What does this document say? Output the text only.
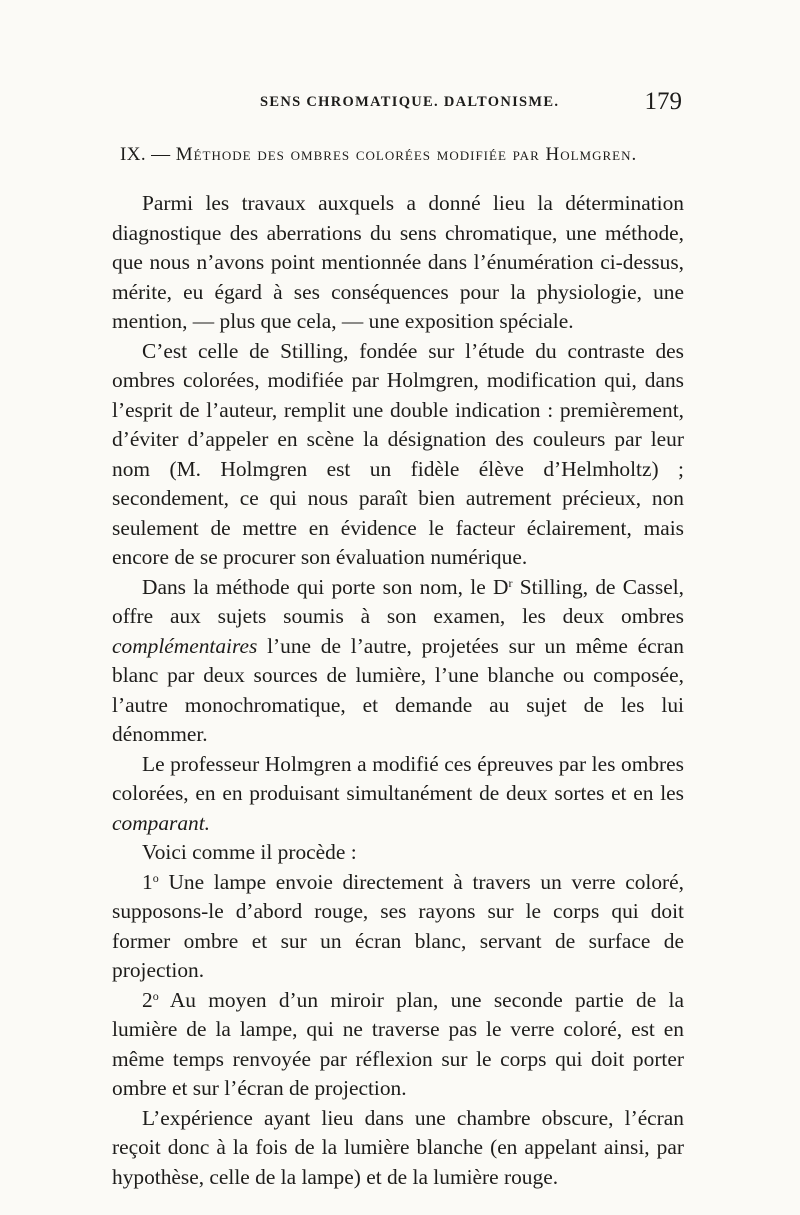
SENS CHROMATIQUE. DALTONISME.	179
IX. — Méthode des ombres colorées modifiée par Holmgren.

Parmi les travaux auxquels a donné lieu la détermination diagnostique des aberrations du sens chromatique, une méthode, que nous n’avons point mentionnée dans l’énumération ci-dessus, mérite, eu égard à ses conséquences pour la physiologie, une mention, — plus que cela, — une exposition spéciale.

C’est celle de Stilling, fondée sur l’étude du contraste des ombres colorées, modifiée par Holmgren, modification qui, dans l’esprit de l’auteur, remplit une double indication : premièrement, d’éviter d’appeler en scène la désignation des couleurs par leur nom (M. Holmgren est un fidèle élève d’Helmholtz) ; secondement, ce qui nous paraît bien autrement précieux, non seulement de mettre en évidence le facteur éclairement, mais encore de se procurer son évaluation numérique.

Dans la méthode qui porte son nom, le $D^r$ Stilling, de Cassel, offre aux sujets soumis à son examen, les deux ombres complémentaires l’une de l’autre, projetées sur un même écran blanc par deux sources de lumière, l’une blanche ou composée, l’autre monochromatique, et demande au sujet de les lui dénommer.

Le professeur Holmgren a modifié ces épreuves par les ombres colorées, en en produisant simultanément de deux sortes et en les comparant.

Voici comme il procède :

1$^o$ Une lampe envoie directement à travers un verre coloré, supposons-le d’abord rouge, ses rayons sur le corps qui doit former ombre et sur un écran blanc, servant de surface de projection.

2$^o$ Au moyen d’un miroir plan, une seconde partie de la lumière de la lampe, qui ne traverse pas le verre coloré, est en même temps renvoyée par réflexion sur le corps qui doit porter ombre et sur l’écran de projection.

L’expérience ayant lieu dans une chambre obscure, l’écran reçoit donc à la fois de la lumière blanche (en appelant ainsi, par hypothèse, celle de la lampe) et de la lumière rouge.
